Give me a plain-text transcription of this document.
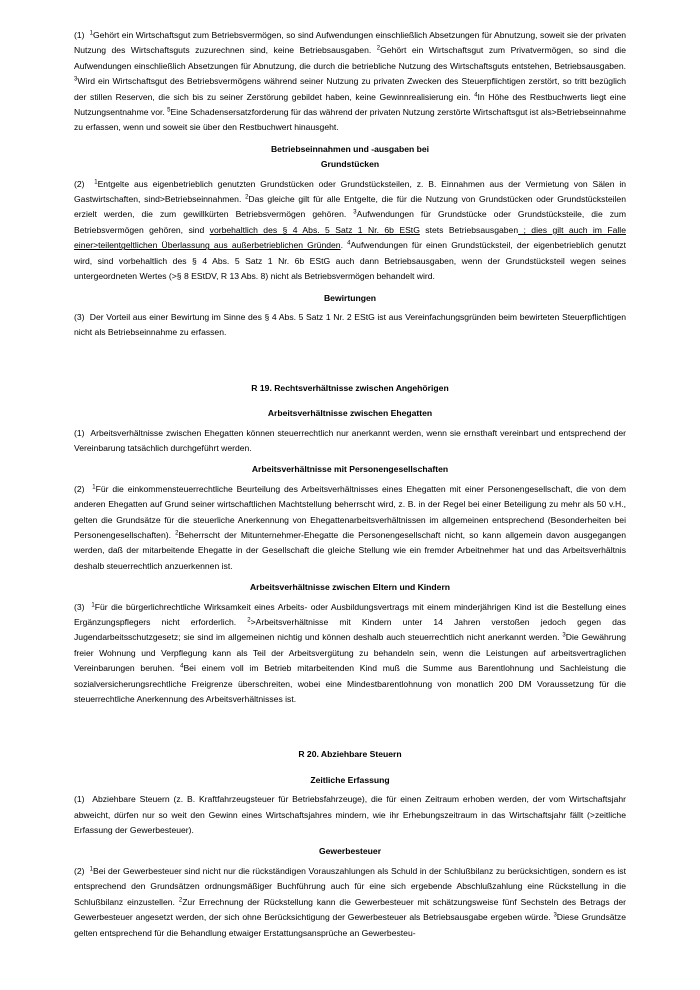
(1) $^1$Gehört ein Wirtschaftsgut zum Betriebsvermögen, so sind Aufwendungen einschließlich Absetzungen für Abnutzung, soweit sie der privaten Nutzung des Wirtschaftsguts zuzurechnen sind, keine Betriebsausgaben. $^2$Gehört ein Wirtschaftsgut zum Privatvermögen, so sind die Aufwendungen einschließlich Absetzungen für Abnutzung, die durch die betriebliche Nutzung des Wirtschaftsguts entstehen, Betriebsausgaben. $^3$Wird ein Wirtschaftsgut des Betriebsvermögens während seiner Nutzung zu privaten Zwecken des Steuerpflichtigen zerstört, so tritt bezüglich der stillen Reserven, die sich bis zu seiner Zerstörung gebildet haben, keine Gewinnrealisierung ein. $^4$In Höhe des Restbuchwerts liegt eine Nutzungsentnahme vor. $^5$Eine Schadensersatzforderung für das während der privaten Nutzung zerstörte Wirtschaftsgut ist als>Betriebseinnahme zu erfassen, wenn und soweit sie über den Restbuchwert hinausgeht.

Betriebseinnahmen und -ausgaben bei
Grundstücken

(2) $^1$Entgelte aus eigenbetrieblich genutzten Grundstücken oder Grundstücksteilen, z. B. Einnahmen aus der Vermietung von Sälen in Gastwirtschaften, sind>Betriebseinnahmen. $^2$Das gleiche gilt für alle Entgelte, die für die Nutzung von Grundstücken oder Grundstücksteilen erzielt werden, die zum gewillkürten Betriebsvermögen gehören. $^3$Aufwendungen für Grundstücke oder Grundstücksteile, die zum Betriebsvermögen gehören, sind vorbehaltlich des § 4 Abs. 5 Satz 1 Nr. 6b EStG stets Betriebsausgaben ; dies gilt auch im Falle einer>teilentgeltlichen Überlassung aus außerbetrieblichen Gründen. $^4$Aufwendungen für einen Grundstücksteil, der eigenbetrieblich genutzt wird, sind vorbehaltlich des § 4 Abs. 5 Satz 1 Nr. 6b EStG auch dann Betriebsausgaben, wenn der Grundstücksteil wegen seines untergeordneten Wertes (>§ 8 EStDV, R 13 Abs. 8) nicht als Betriebsvermögen behandelt wird.

Bewirtungen

(3) Der Vorteil aus einer Bewirtung im Sinne des § 4 Abs. 5 Satz 1 Nr. 2 EStG ist aus Vereinfachungsgründen beim bewirteten Steuerpflichtigen nicht als Betriebseinnahme zu erfassen.

R 19. Rechtsverhältnisse zwischen Angehörigen

Arbeitsverhältnisse zwischen Ehegatten

(1) Arbeitsverhältnisse zwischen Ehegatten können steuerrechtlich nur anerkannt werden, wenn sie ernsthaft vereinbart und entsprechend der Vereinbarung tatsächlich durchgeführt werden.

Arbeitsverhältnisse mit Personengesellschaften

(2) $^1$Für die einkommensteuerrechtliche Beurteilung des Arbeitsverhältnisses eines Ehegatten mit einer Personengesellschaft, die von dem anderen Ehegatten auf Grund seiner wirtschaftlichen Machtstellung beherrscht wird, z. B. in der Regel bei einer Beteiligung zu mehr als 50 v.H., gelten die Grundsätze für die steuerliche Anerkennung von Ehegattenarbeitsverhältnissen im allgemeinen entsprechend (Besonderheiten bei Personengesellschaften). $^2$Beherrscht der Mitunternehmer-Ehegatte die Personengesellschaft nicht, so kann allgemein davon ausgegangen werden, daß der mitarbeitende Ehegatte in der Gesellschaft die gleiche Stellung wie ein fremder Arbeitnehmer hat und das Arbeitsverhältnis deshalb steuerrechtlich anzuerkennen ist.

Arbeitsverhältnisse zwischen Eltern und Kindern

(3) $^1$Für die bürgerlichrechtliche Wirksamkeit eines Arbeits- oder Ausbildungsvertrags mit einem minderjährigen Kind ist die Bestellung eines Ergänzungspflegers nicht erforderlich. $^2$>Arbeitsverhältnisse mit Kindern unter 14 Jahren verstoßen jedoch gegen das Jugendarbeitsschutzgesetz; sie sind im allgemeinen nichtig und können deshalb auch steuerrechtlich nicht anerkannt werden. $^3$Die Gewährung freier Wohnung und Verpflegung kann als Teil der Arbeitsvergütung zu behandeln sein, wenn die Leistungen auf arbeitsvertraglichen Vereinbarungen beruhen. $^4$Bei einem voll im Betrieb mitarbeitenden Kind muß die Summe aus Barentlohnung und Sachleistung die sozialversicherungsrechtliche Freigrenze überschreiten, wobei eine Mindestbarentlohnung von monatlich 200 DM Voraussetzung für die steuerrechtliche Anerkennung des Arbeitsverhältnisses ist.

R 20. Abziehbare Steuern

Zeitliche Erfassung

(1) Abziehbare Steuern (z. B. Kraftfahrzeugsteuer für Betriebsfahrzeuge), die für einen Zeitraum erhoben werden, der vom Wirtschaftsjahr abweicht, dürfen nur so weit den Gewinn eines Wirtschaftsjahres mindern, wie ihr Erhebungszeitraum in das Wirtschaftsjahr fällt (>zeitliche Erfassung der Gewerbesteuer).

Gewerbesteuer

(2) $^1$Bei der Gewerbesteuer sind nicht nur die rückständigen Vorauszahlungen als Schuld in der Schlußbilanz zu berücksichtigen, sondern es ist entsprechend den Grundsätzen ordnungsmäßiger Buchführung auch für eine sich ergebende Abschlußzahlung eine Rückstellung in die Schlußbilanz einzustellen. $^2$Zur Errechnung der Rückstellung kann die Gewerbesteuer mit schätzungsweise fünf Sechsteln des Betrags der Gewerbesteuer angesetzt werden, der sich ohne Berücksichtigung der Gewerbesteuer als Betriebsausgabe ergeben würde. $^3$Diese Grundsätze gelten entsprechend für die Behandlung etwaiger Erstattungsansprüche an Gewerbesteu-
